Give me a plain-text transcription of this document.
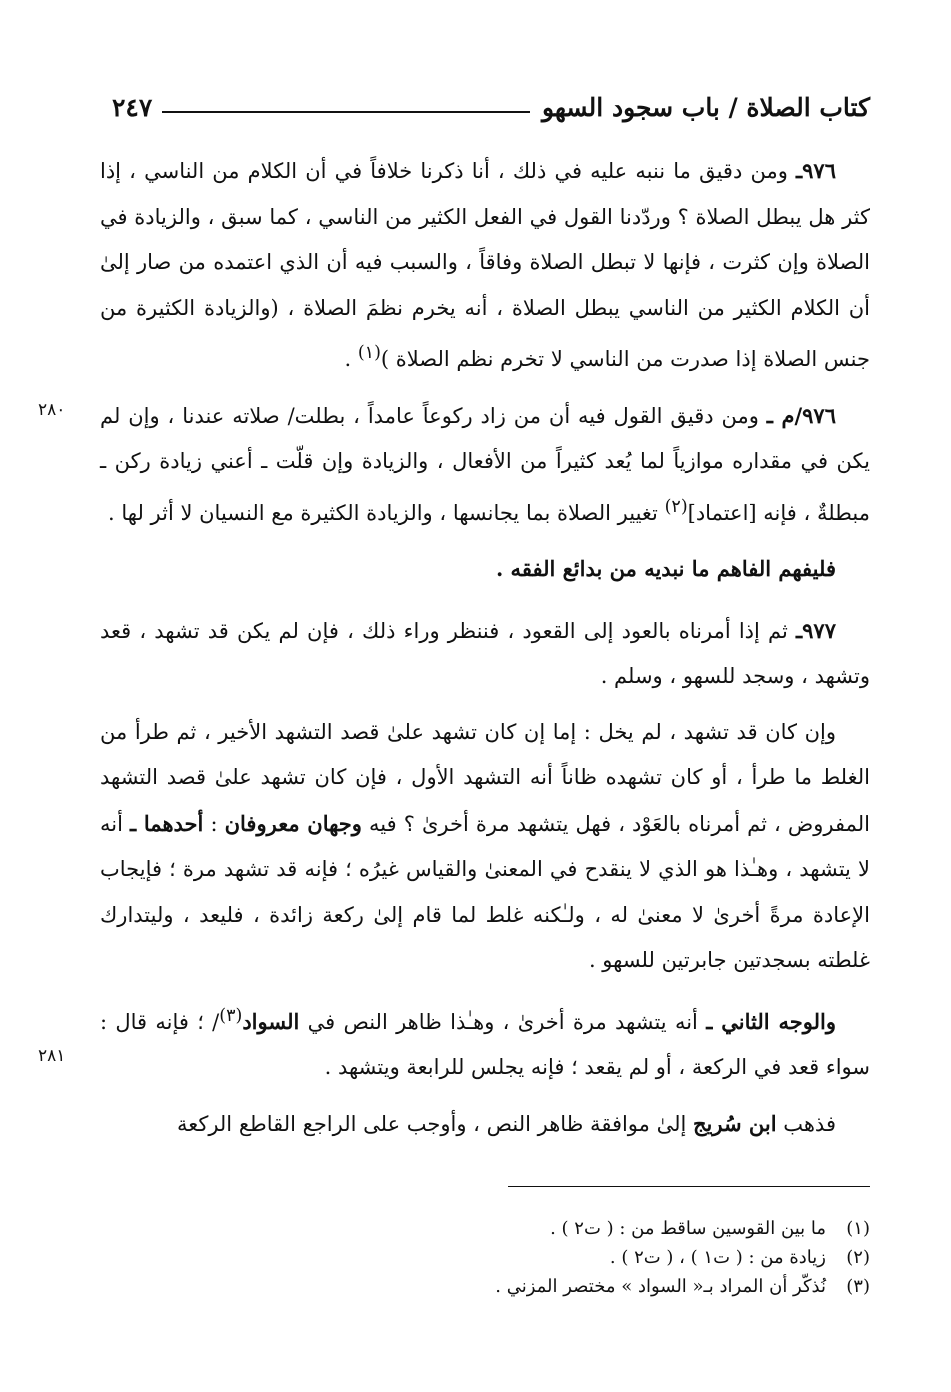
كتاب الصلاة / باب سجود السهو
٢٤٧
٢٨٠
٢٨١

٩٧٦ـ ومن دقيق ما ننبه عليه في ذلك ، أنا ذكرنا خلافاً في أن الكلام من الناسي ، إذا كثر هل يبطل الصلاة ؟ وردّدنا القول في الفعل الكثير من الناسي ، كما سبق ، والزيادة في الصلاة وإن كثرت ، فإنها لا تبطل الصلاة وفاقاً ، والسبب فيه أن الذي اعتمده من صار إلىٰ أن الكلام الكثير من الناسي يبطل الصلاة ، أنه يخرم نظمَ الصلاة ، (والزيادة الكثيرة من جنس الصلاة إذا صدرت من الناسي لا تخرم نظم الصلاة )$^{(١)}$ .

٩٧٦/م ـ ومن دقيق القول فيه أن من زاد ركوعاً عامداً ، بطلت/ صلاته عندنا ، وإن لم يكن في مقداره موازياً لما يُعد كثيراً من الأفعال ، والزيادة وإن قلّت ـ أعني زيادة ركن ـ مبطلةٌ ، فإنه [اعتماد]$^{(٢)}$ تغيير الصلاة بما يجانسها ، والزيادة الكثيرة مع النسيان لا أثر لها .

فليفهم الفاهم ما نبديه من بدائع الفقه .

٩٧٧ـ ثم إذا أمرناه بالعود إلى القعود ، فننظر وراء ذلك ، فإن لم يكن قد تشهد ، قعد وتشهد ، وسجد للسهو ، وسلم .

وإن كان قد تشهد ، لم يخل : إما إن كان تشهد علىٰ قصد التشهد الأخير ، ثم طرأ من الغلط ما طرأ ، أو كان تشهده ظاناً أنه التشهد الأول ، فإن كان تشهد علىٰ قصد التشهد المفروض ، ثم أمرناه بالعَوْد ، فهل يتشهد مرة أخرىٰ ؟ فيه وجهان معروفان : أحدهما ـ أنه لا يتشهد ، وهـٰذا هو الذي لا ينقدح في المعنىٰ والقياس غيرُه ؛ فإنه قد تشهد مرة ؛ فإيجاب الإعادة مرةً أخرىٰ لا معنىٰ له ، ولـٰكنه غلط لما قام إلىٰ ركعة زائدة ، فليعد ، وليتدارك غلطته بسجدتين جابرتين للسهو .

والوجه الثاني ـ أنه يتشهد مرة أخرىٰ ، وهـٰذا ظاهر النص في السواد$^{(٣)}$/ ؛ فإنه قال : سواء قعد في الركعة ، أو لم يقعد ؛ فإنه يجلس للرابعة ويتشهد .

فذهب ابن سُريج إلىٰ موافقة ظاهر النص ، وأوجب على الراجع القاطع الركعة

(١)ما بين القوسين ساقط من : ( ت٢ ) .
(٢)زيادة من : ( ت١ ) ، ( ت٢ ) .
(٣)نُذكّر أن المراد بـ« السواد » مختصر المزني .
